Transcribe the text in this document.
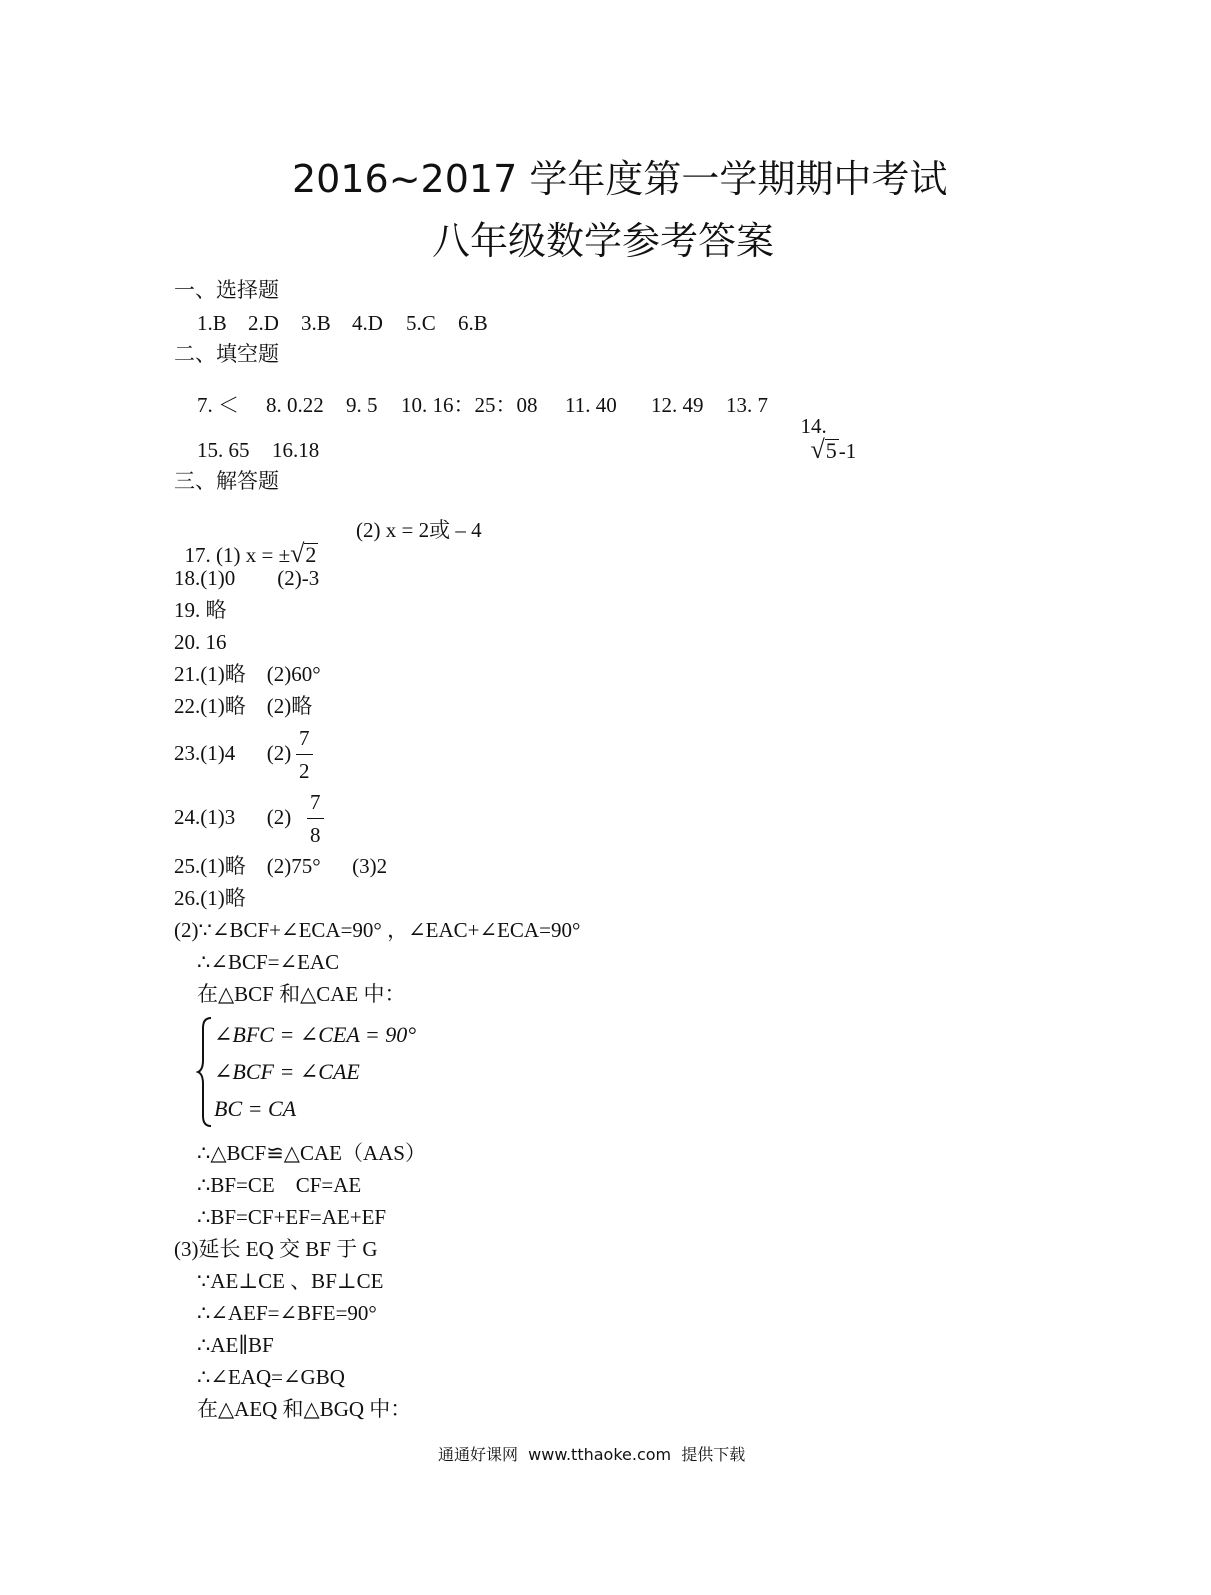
2016~2017 学年度第一学期期中考试
八年级数学参考答案
一、选择题
1.B 2.D 3.B 4.D 5.C 6.B
二、填空题
7. ＜ 8. 0.22 9. 5 10. 16：25：08 11. 40 12. 49 13. 7

14.
√5-1

15. 65 16.18
三、解答题

17. (1) x = ±√2

(2) x = 2或 – 4
18.(1)0        (2)-3
19. 略
20. 16
21.(1)略    (2)60°
22.(1)略    (2)略
23.(1)4      (2)
7
2
24.(1)3      (2)
7
8
25.(1)略    (2)75°      (3)2
26.(1)略
(2)∵∠BCF+∠ECA=90° ，∠EAC+∠ECA=90°
∴∠BCF=∠EAC
在△BCF 和△CAE 中：
∠BFC = ∠CEA = 90°
∠BCF = ∠CAE
BC = CA
∴△BCF≌△CAE（AAS）
∴BF=CE    CF=AE
∴BF=CF+EF=AE+EF
(3)延长 EQ 交 BF 于 G
∵AE⊥CE 、BF⊥CE
∴∠AEF=∠BFE=90°
∴AE∥BF
∴∠EAQ=∠GBQ
在△AEQ 和△BGQ 中：
通通好课网  www.tthaoke.com  提供下载
